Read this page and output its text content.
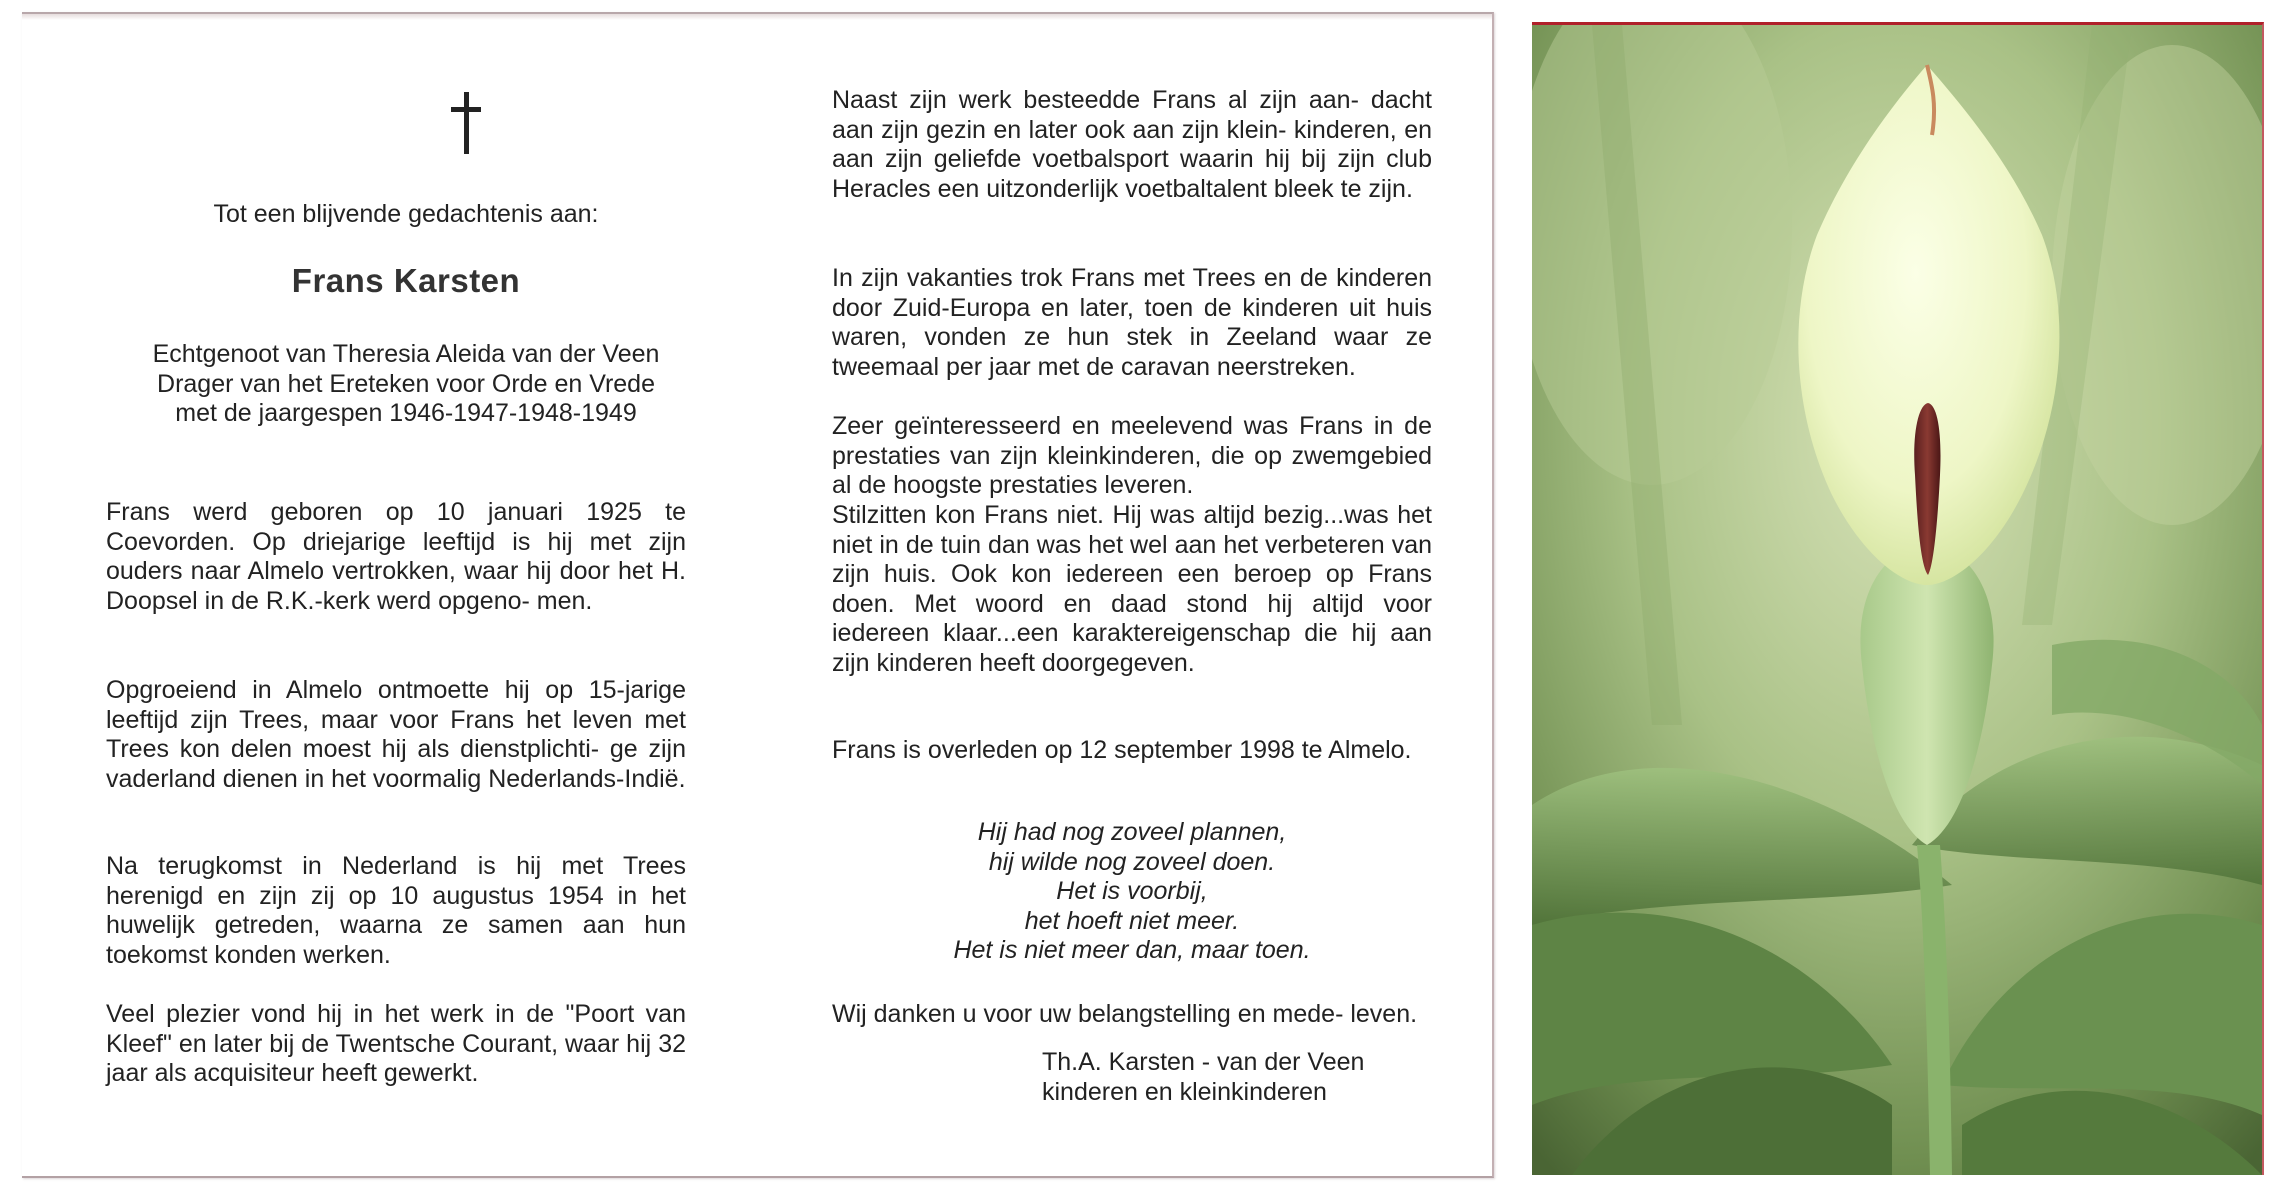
Tot een blijvende gedachtenis aan:
Frans Karsten
Echtgenoot van Theresia Aleida van der Veen
Drager van het Ereteken voor Orde en Vrede
met de jaargespen 1946-1947-1948-1949
Frans werd geboren op 10 januari 1925 te Coevorden. Op driejarige leeftijd is hij met zijn ouders naar Almelo vertrokken, waar hij door het H. Doopsel in de R.K.-kerk werd opgeno- men.
Opgroeiend in Almelo ontmoette hij op 15-jarige leeftijd zijn Trees, maar voor Frans het leven met Trees kon delen moest hij als dienstplichti- ge zijn vaderland dienen in het voormalig Nederlands-Indië.
Na terugkomst in Nederland is hij met Trees herenigd en zijn zij op 10 augustus 1954 in het huwelijk getreden, waarna ze samen aan hun toekomst konden werken.
Veel plezier vond hij in het werk in de "Poort van Kleef" en later bij de Twentsche Courant, waar hij 32 jaar als acquisiteur heeft gewerkt.
Naast zijn werk besteedde Frans al zijn aan- dacht aan zijn gezin en later ook aan zijn klein- kinderen, en aan zijn geliefde voetbalsport waarin hij bij zijn club Heracles een uitzonderlijk voetbaltalent bleek te zijn.
In zijn vakanties trok Frans met Trees en de kinderen door Zuid-Europa en later, toen de kinderen uit huis waren, vonden ze hun stek in Zeeland waar ze tweemaal per jaar met de caravan neerstreken.
Zeer geïnteresseerd en meelevend was Frans in de prestaties van zijn kleinkinderen, die op zwemgebied al de hoogste prestaties leveren.
Stilzitten kon Frans niet. Hij was altijd bezig...was het niet in de tuin dan was het wel aan het verbeteren van zijn huis. Ook kon iedereen een beroep op Frans doen. Met woord en daad stond hij altijd voor iedereen klaar...een karaktereigenschap die hij aan zijn kinderen heeft doorgegeven.
Frans is overleden op 12 september 1998 te Almelo.
Hij had nog zoveel plannen,
hij wilde nog zoveel doen.
Het is voorbij,
het hoeft niet meer.
Het is niet meer dan, maar toen.
Wij danken u voor uw belangstelling en mede- leven.
Th.A. Karsten - van der Veen
kinderen en kleinkinderen
